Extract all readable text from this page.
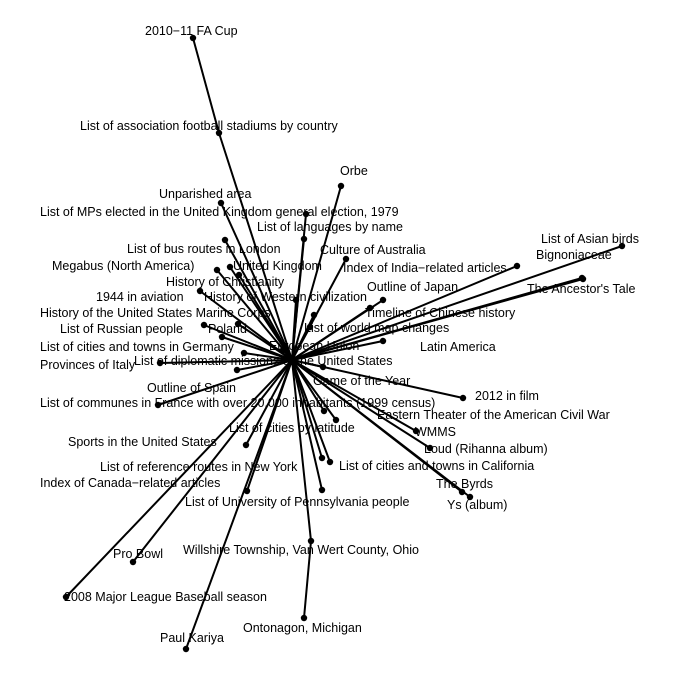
2010−11 FA Cup
List of association football stadiums by country
Orbe
Unparished area
List of MPs elected in the United Kingdom general election, 1979
List of languages by name
List of bus routes in London	Culture of Australia
List of Asian birds
Bignoniaceae
Megabus (North America)	United Kingdom Index of India−related articles
History of Christianity	Outline of Japan	The Ancestor's Tale
1944 in aviation History of Western civilization
History of the United States Marine Corps	Timeline of Chinese history
List of Russian people Poland	List of world map changes
List of cities and towns in Germany	European Union	Latin America
Provinces of Italy
List of diplomatic missions of the United States
Outline of Spain	Game of the Year
2012 in film
List of communes in France with over 20,000 inhabitants (1999 census)
Eastern Theater of the American Civil War
List of cities by latitude	WMMS
Sports in the United States	Loud (Rihanna album)
List of reference routes in New York	List of cities and towns in California
Index of Canada−related articles	The Byrds
List of University of Pennsylvania people	Ys (album)
Pro Bowl Willshire Township, Van Wert County, Ohio
2008 Major League Baseball season
Ontonagon, Michigan
Paul Kariya
